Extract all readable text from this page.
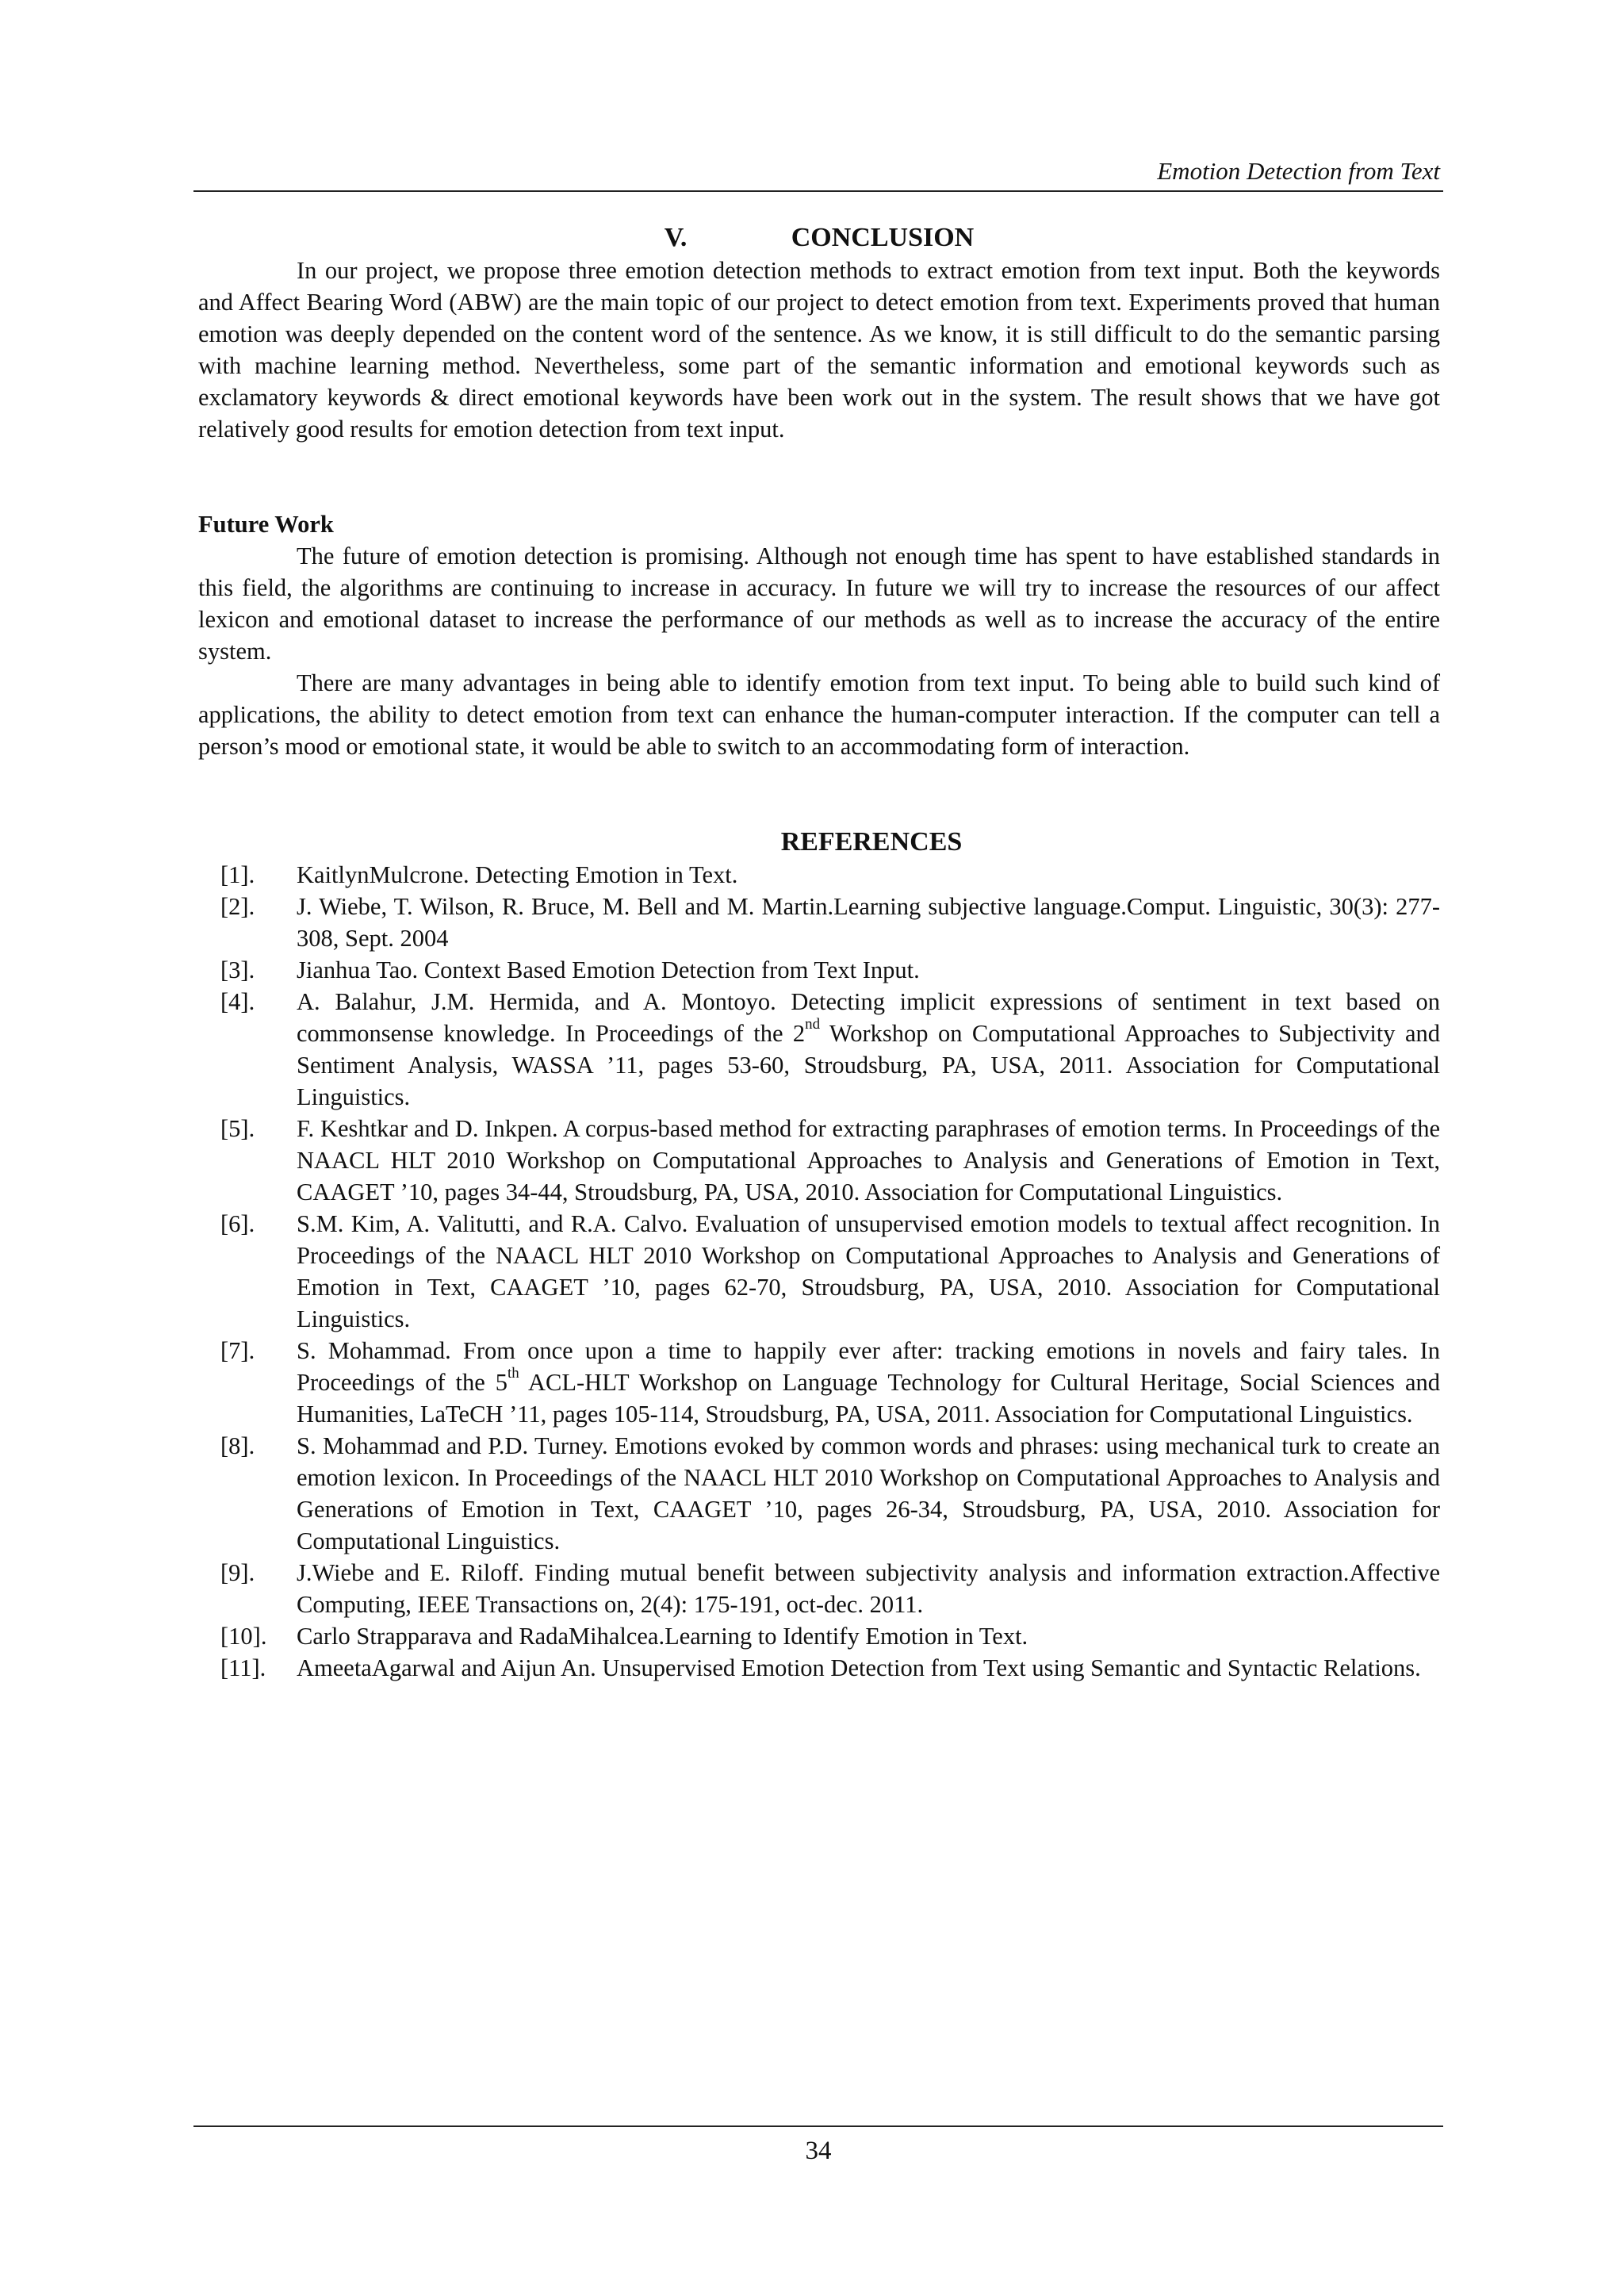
Emotion Detection from Text
V.	CONCLUSION

In our project, we propose three emotion detection methods to extract emotion from text input. Both the keywords and Affect Bearing Word (ABW) are the main topic of our project to detect emotion from text. Experiments proved that human emotion was deeply depended on the content word of the sentence. As we know, it is still difficult to do the semantic parsing with machine learning method. Nevertheless, some part of the semantic information and emotional keywords such as exclamatory keywords & direct emotional keywords have been work out in the system. The result shows that we have got relatively good results for emotion detection from text input.

Future Work

The future of emotion detection is promising. Although not enough time has spent to have established standards in this field, the algorithms are continuing to increase in accuracy. In future we will try to increase the resources of our affect lexicon and emotional dataset to increase the performance of our methods as well as to increase the accuracy of the entire system.

There are many advantages in being able to identify emotion from text input. To being able to build such kind of applications, the ability to detect emotion from text can enhance the human-computer interaction. If the computer can tell a person’s mood or emotional state, it would be able to switch to an accommodating form of interaction.

REFERENCES
[1].	KaitlynMulcrone. Detecting Emotion in Text.
[2].	J. Wiebe, T. Wilson, R. Bruce, M. Bell and M. Martin.Learning subjective language.Comput. Linguistic, 30(3): 277-308, Sept. 2004
[3].	Jianhua Tao. Context Based Emotion Detection from Text Input.
[4].	A. Balahur, J.M. Hermida, and A. Montoyo. Detecting implicit expressions of sentiment in text based on commonsense knowledge. In Proceedings of the 2nd Workshop on Computational Approaches to Subjectivity and Sentiment Analysis, WASSA ’11, pages 53-60, Stroudsburg, PA, USA, 2011. Association for Computational Linguistics.
[5].	F. Keshtkar and D. Inkpen. A corpus-based method for extracting paraphrases of emotion terms. In Proceedings of the NAACL HLT 2010 Workshop on Computational Approaches to Analysis and Generations of Emotion in Text, CAAGET ’10, pages 34-44, Stroudsburg, PA, USA, 2010. Association for Computational Linguistics.
[6].	S.M. Kim, A. Valitutti, and R.A. Calvo. Evaluation of unsupervised emotion models to textual affect recognition. In Proceedings of the NAACL HLT 2010 Workshop on Computational Approaches to Analysis and Generations of Emotion in Text, CAAGET ’10, pages 62-70, Stroudsburg, PA, USA, 2010. Association for Computational Linguistics.
[7].	S. Mohammad. From once upon a time to happily ever after: tracking emotions in novels and fairy tales. In Proceedings of the 5th ACL-HLT Workshop on Language Technology for Cultural Heritage, Social Sciences and Humanities, LaTeCH ’11, pages 105-114, Stroudsburg, PA, USA, 2011. Association for Computational Linguistics.
[8].	S. Mohammad and P.D. Turney. Emotions evoked by common words and phrases: using mechanical turk to create an emotion lexicon. In Proceedings of the NAACL HLT 2010 Workshop on Computational Approaches to Analysis and Generations of Emotion in Text, CAAGET ’10, pages 26-34, Stroudsburg, PA, USA, 2010. Association for Computational Linguistics.
[9].	J.Wiebe and E. Riloff. Finding mutual benefit between subjectivity analysis and information extraction.Affective Computing, IEEE Transactions on, 2(4): 175-191, oct-dec. 2011.
[10].	Carlo Strapparava and RadaMihalcea.Learning to Identify Emotion in Text.
[11].	AmeetaAgarwal and Aijun An. Unsupervised Emotion Detection from Text using Semantic and Syntactic Relations.
34
